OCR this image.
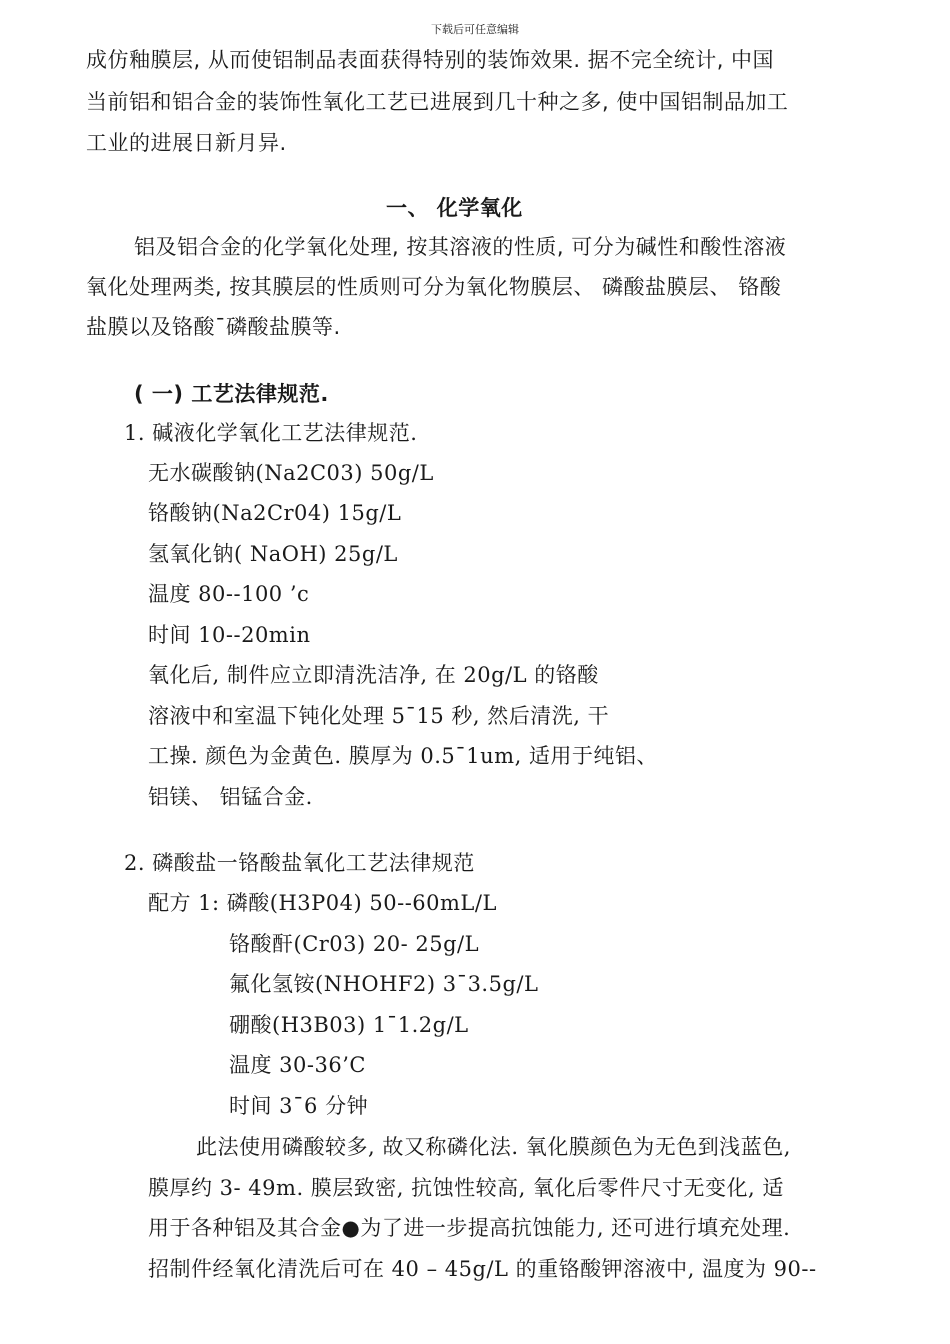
下载后可任意编辑
成仿釉膜层, 从而使铝制品表面获得特别的装饰效果. 据不完全统计, 中国
当前铝和铝合金的装饰性氧化工艺已进展到几十种之多, 使中国铝制品加工
工业的进展日新月异.
一、 化学氧化
铝及铝合金的化学氧化处理, 按其溶液的性质, 可分为碱性和酸性溶液
氧化处理两类, 按其膜层的性质则可分为氧化物膜层、 磷酸盐膜层、 铬酸
盐膜以及铬酸¯磷酸盐膜等.
( 一) 工艺法律规范.
1. 碱液化学氧化工艺法律规范.
无水碳酸钠(Na2C03) 50g/L
铬酸钠(Na2Cr04) 15g/L
氢氧化钠( NaOH) 25g/L
温度 80--100 ’c
时间 10--20min
氧化后, 制件应立即清洗洁净, 在 20g/L 的铬酸
溶液中和室温下钝化处理 5¯15 秒, 然后清洗, 干
工操. 颜色为金黄色. 膜厚为 0.5¯1um, 适用于纯铝、
铝镁、 铝锰合金.
2. 磷酸盐一铬酸盐氧化工艺法律规范
配方 1: 磷酸(H3P04) 50--60mL/L
铬酸酐(Cr03) 20- 25g/L
氟化氢铵(NHOHF2) 3¯3.5g/L
硼酸(H3B03) 1¯1.2g/L
温度 30-36’C
时间 3¯6 分钟
此法使用磷酸较多, 故又称磷化法. 氧化膜颜色为无色到浅蓝色,
膜厚约 3- 49m. 膜层致密, 抗蚀性较高, 氧化后零件尺寸无变化, 适
用于各种铝及其合金●为了进一步提高抗蚀能力, 还可进行填充处理.
招制件经氧化清洗后可在 40 – 45g/L 的重铬酸钾溶液中, 温度为 90--
